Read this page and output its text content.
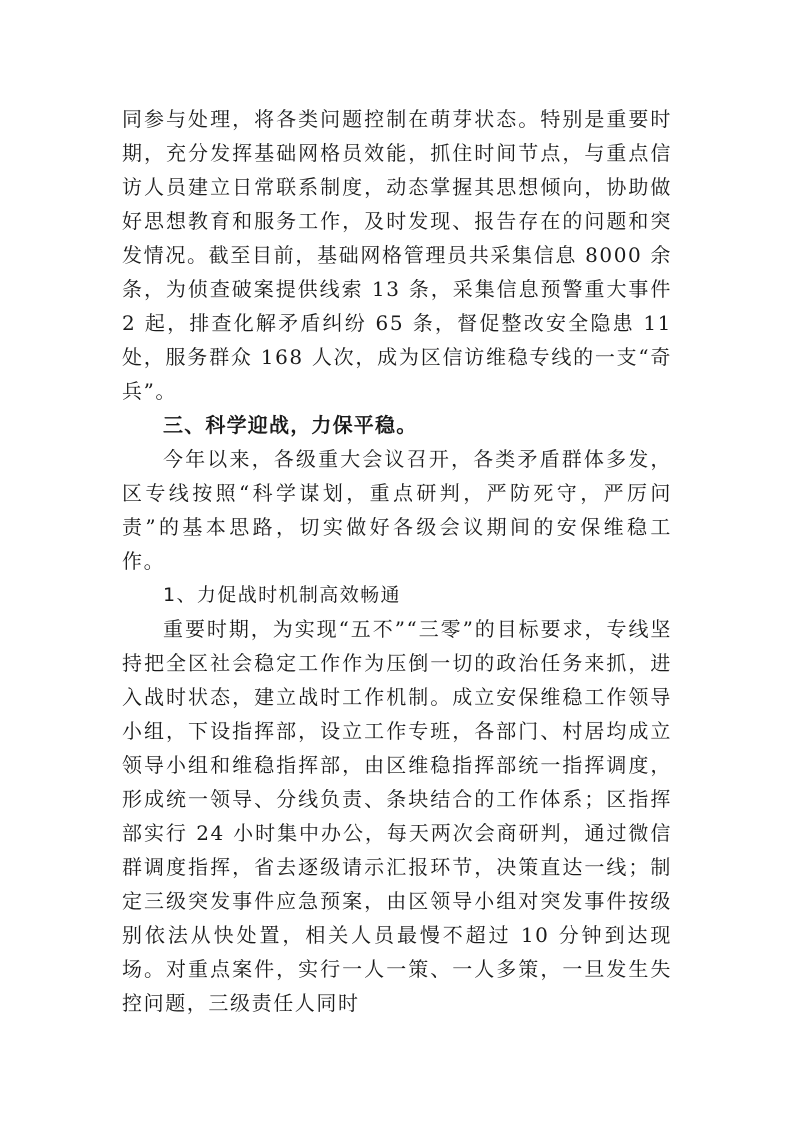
同参与处理，将各类问题控制在萌芽状态。特别是重要时期，充分发挥基础网格员效能，抓住时间节点，与重点信访人员建立日常联系制度，动态掌握其思想倾向，协助做好思想教育和服务工作，及时发现、报告存在的问题和突发情况。截至目前，基础网格管理员共采集信息 8000 余条，为侦查破案提供线索 13 条，采集信息预警重大事件 2 起，排查化解矛盾纠纷 65 条，督促整改安全隐患 11 处，服务群众 168 人次，成为区信访维稳专线的一支“奇兵”。

三、科学迎战，力保平稳。

今年以来，各级重大会议召开，各类矛盾群体多发，区专线按照“科学谋划，重点研判，严防死守，严厉问责”的基本思路，切实做好各级会议期间的安保维稳工作。

1、力促战时机制高效畅通

重要时期，为实现“五不”“三零”的目标要求，专线坚持把全区社会稳定工作作为压倒一切的政治任务来抓，进入战时状态，建立战时工作机制。成立安保维稳工作领导小组，下设指挥部，设立工作专班，各部门、村居均成立领导小组和维稳指挥部，由区维稳指挥部统一指挥调度，形成统一领导、分线负责、条块结合的工作体系；区指挥部实行 24 小时集中办公，每天两次会商研判，通过微信群调度指挥，省去逐级请示汇报环节，决策直达一线；制定三级突发事件应急预案，由区领导小组对突发事件按级别依法从快处置，相关人员最慢不超过 10 分钟到达现场。对重点案件，实行一人一策、一人多策，一旦发生失控问题，三级责任人同时
